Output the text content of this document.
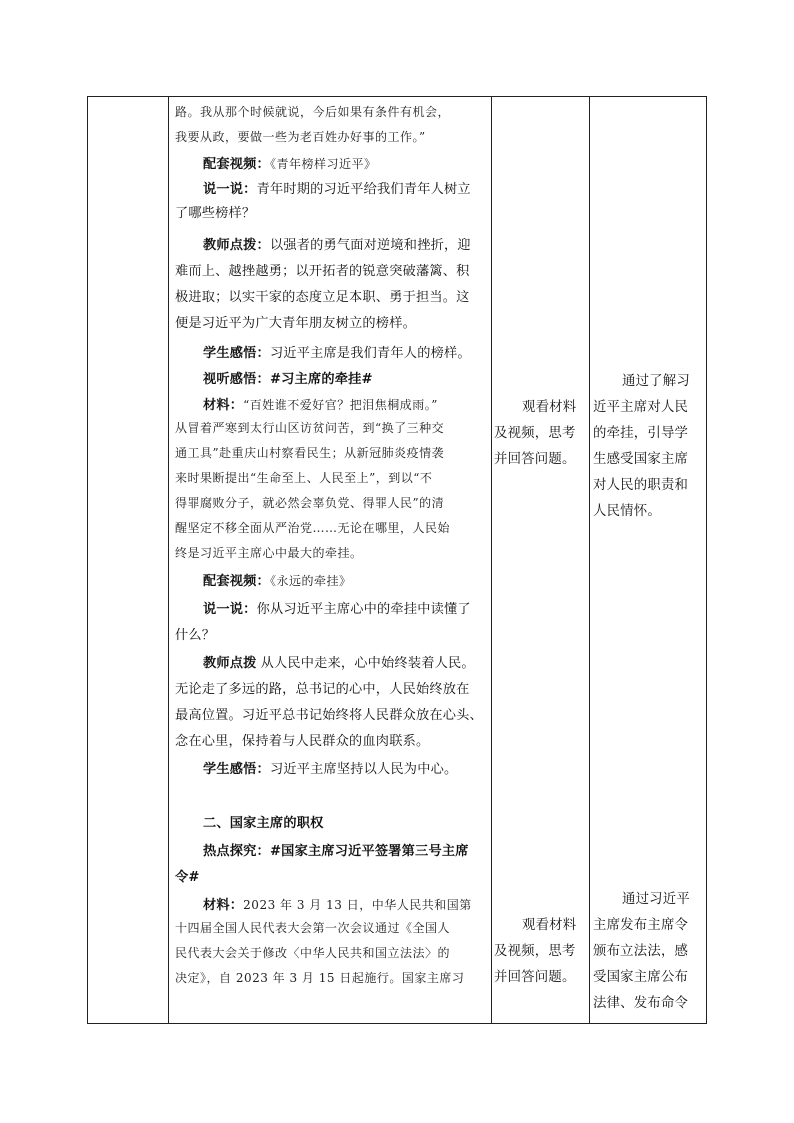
路。我从那个时候就说，今后如果有条件有机会，
我要从政，要做一些为老百姓办好事的工作。”
配套视频：《青年榜样习近平》
说一说：青年时期的习近平给我们青年人树立
了哪些榜样？
教师点拨：以强者的勇气面对逆境和挫折，迎
难而上、越挫越勇；以开拓者的锐意突破藩篱、积
极进取；以实干家的态度立足本职、勇于担当。这
便是习近平为广大青年朋友树立的榜样。
学生感悟：习近平主席是我们青年人的榜样。
视听感悟：#习主席的牵挂#
材料：“百姓谁不爱好官？把泪焦桐成雨。”
从冒着严寒到太行山区访贫问苦，到“换了三种交
通工具”赴重庆山村察看民生；从新冠肺炎疫情袭
来时果断提出“生命至上、人民至上”，到以“不
得罪腐败分子，就必然会辜负党、得罪人民”的清
醒坚定不移全面从严治党……无论在哪里，人民始
终是习近平主席心中最大的牵挂。
配套视频：《永远的牵挂》
说一说：你从习近平主席心中的牵挂中读懂了
什么？
教师点拨 从人民中走来，心中始终装着人民。
无论走了多远的路，总书记的心中，人民始终放在
最高位置。习近平总书记始终将人民群众放在心头、
念在心里，保持着与人民群众的血肉联系。
学生感悟：习近平主席坚持以人民为中心。
二、国家主席的职权
热点探究：#国家主席习近平签署第三号主席
令#
材料：2023 年 3 月 13 日，中华人民共和国第
十四届全国人民代表大会第一次会议通过《全国人
民代表大会关于修改〈中华人民共和国立法法〉的
决定》，自 2023 年 3 月 15 日起施行。国家主席习
观看材料
及视频，思考
并回答问题。
观看材料
及视频，思考
并回答问题。
通过了解习
近平主席对人民
的牵挂，引导学
生感受国家主席
对人民的职责和
人民情怀。
通过习近平
主席发布主席令
颁布立法法，感
受国家主席公布
法律、发布命令
